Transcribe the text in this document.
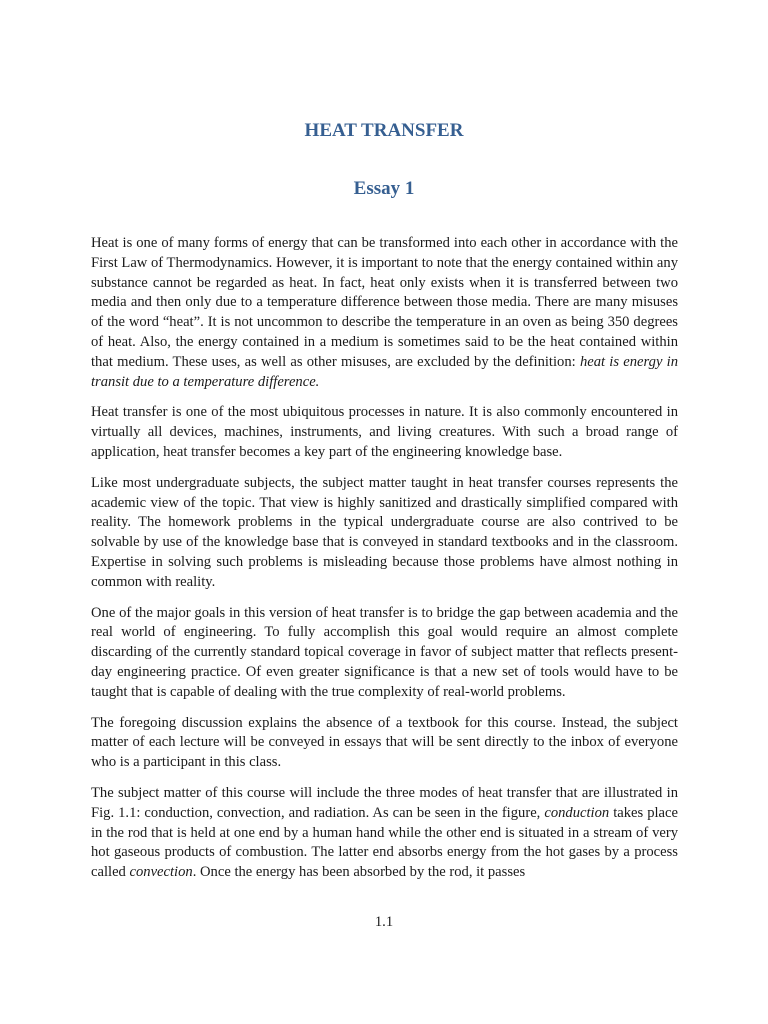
HEAT TRANSFER
Essay 1

Heat is one of many forms of energy that can be transformed into each other in accordance with the First Law of Thermodynamics. However, it is important to note that the energy contained within any substance cannot be regarded as heat. In fact, heat only exists when it is transferred between two media and then only due to a temperature difference between those media. There are many misuses of the word “heat”. It is not uncommon to describe the temperature in an oven as being 350 degrees of heat. Also, the energy contained in a medium is sometimes said to be the heat contained within that medium. These uses, as well as other misuses, are excluded by the definition: heat is energy in transit due to a temperature difference.

Heat transfer is one of the most ubiquitous processes in nature. It is also commonly encountered in virtually all devices, machines, instruments, and living creatures. With such a broad range of application, heat transfer becomes a key part of the engineering knowledge base.

Like most undergraduate subjects, the subject matter taught in heat transfer courses represents the academic view of the topic. That view is highly sanitized and drastically simplified compared with reality. The homework problems in the typical undergraduate course are also contrived to be solvable by use of the knowledge base that is conveyed in standard textbooks and in the classroom. Expertise in solving such problems is misleading because those problems have almost nothing in common with reality.

One of the major goals in this version of heat transfer is to bridge the gap between academia and the real world of engineering. To fully accomplish this goal would require an almost complete discarding of the currently standard topical coverage in favor of subject matter that reflects present-day engineering practice. Of even greater significance is that a new set of tools would have to be taught that is capable of dealing with the true complexity of real-world problems.

The foregoing discussion explains the absence of a textbook for this course. Instead, the subject matter of each lecture will be conveyed in essays that will be sent directly to the inbox of everyone who is a participant in this class.

The subject matter of this course will include the three modes of heat transfer that are illustrated in Fig. 1.1: conduction, convection, and radiation. As can be seen in the figure, conduction takes place in the rod that is held at one end by a human hand while the other end is situated in a stream of very hot gaseous products of combustion. The latter end absorbs energy from the hot gases by a process called convection. Once the energy has been absorbed by the rod, it passes

1.1
